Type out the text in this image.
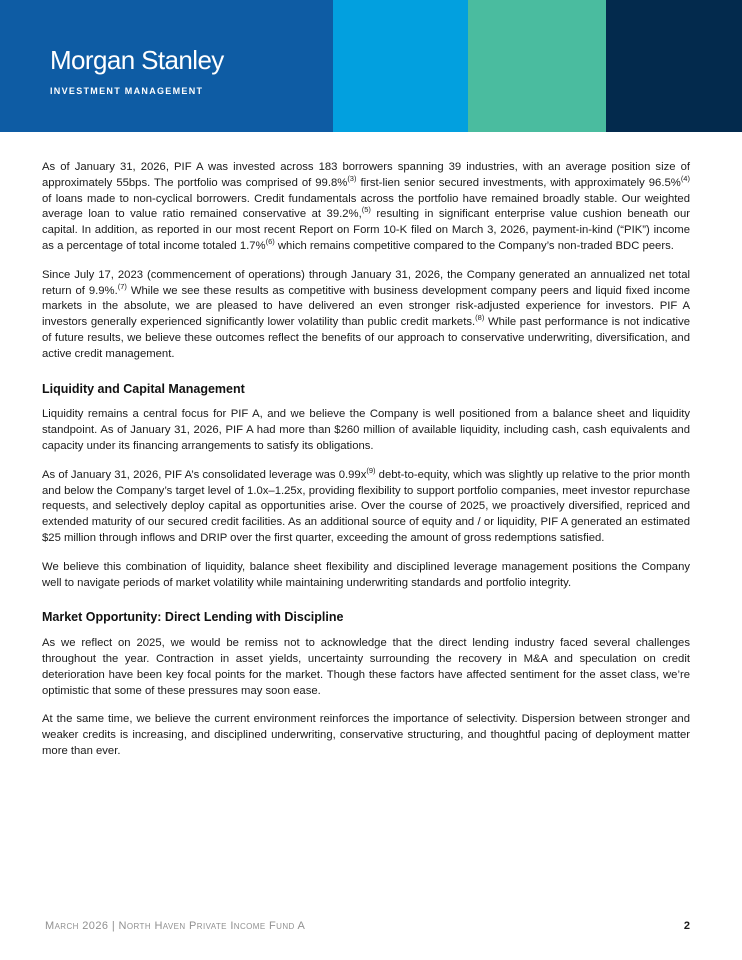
Morgan Stanley
INVESTMENT MANAGEMENT

As of January 31, 2026, PIF A was invested across 183 borrowers spanning 39 industries, with an average position size of approximately 55bps. The portfolio was comprised of 99.8%$^{(3)}$ first-lien senior secured investments, with approximately 96.5%$^{(4)}$ of loans made to non-cyclical borrowers. Credit fundamentals across the portfolio have remained broadly stable. Our weighted average loan to value ratio remained conservative at 39.2%,$^{(5)}$ resulting in significant enterprise value cushion beneath our capital. In addition, as reported in our most recent Report on Form 10-K filed on March 3, 2026, payment-in-kind (“PIK”) income as a percentage of total income totaled 1.7%$^{(6)}$ which remains competitive compared to the Company’s non-traded BDC peers.

Since July 17, 2023 (commencement of operations) through January 31, 2026, the Company generated an annualized net total return of 9.9%.$^{(7)}$ While we see these results as competitive with business development company peers and liquid fixed income markets in the absolute, we are pleased to have delivered an even stronger risk-adjusted experience for investors. PIF A investors generally experienced significantly lower volatility than public credit markets.$^{(8)}$ While past performance is not indicative of future results, we believe these outcomes reflect the benefits of our approach to conservative underwriting, diversification, and active credit management.

Liquidity and Capital Management

Liquidity remains a central focus for PIF A, and we believe the Company is well positioned from a balance sheet and liquidity standpoint. As of January 31, 2026, PIF A had more than $260 million of available liquidity, including cash, cash equivalents and capacity under its financing arrangements to satisfy its obligations.

As of January 31, 2026, PIF A’s consolidated leverage was $0.99x^{(9)}$ debt-to-equity, which was slightly up relative to the prior month and below the Company’s target level of 1.0x–1.25x, providing flexibility to support portfolio companies, meet investor repurchase requests, and selectively deploy capital as opportunities arise. Over the course of 2025, we proactively diversified, repriced and extended maturity of our secured credit facilities. As an additional source of equity and / or liquidity, PIF A generated an estimated $25 million through inflows and DRIP over the first quarter, exceeding the amount of gross redemptions satisfied.

We believe this combination of liquidity, balance sheet flexibility and disciplined leverage management positions the Company well to navigate periods of market volatility while maintaining underwriting standards and portfolio integrity.

Market Opportunity: Direct Lending with Discipline

As we reflect on 2025, we would be remiss not to acknowledge that the direct lending industry faced several challenges throughout the year. Contraction in asset yields, uncertainty surrounding the recovery in M&A and speculation on credit deterioration have been key focal points for the market. Though these factors have affected sentiment for the asset class, we’re optimistic that some of these pressures may soon ease.

At the same time, we believe the current environment reinforces the importance of selectivity. Dispersion between stronger and weaker credits is increasing, and disciplined underwriting, conservative structuring, and thoughtful pacing of deployment matter more than ever.

March 2026 | North Haven Private Income Fund A	2
